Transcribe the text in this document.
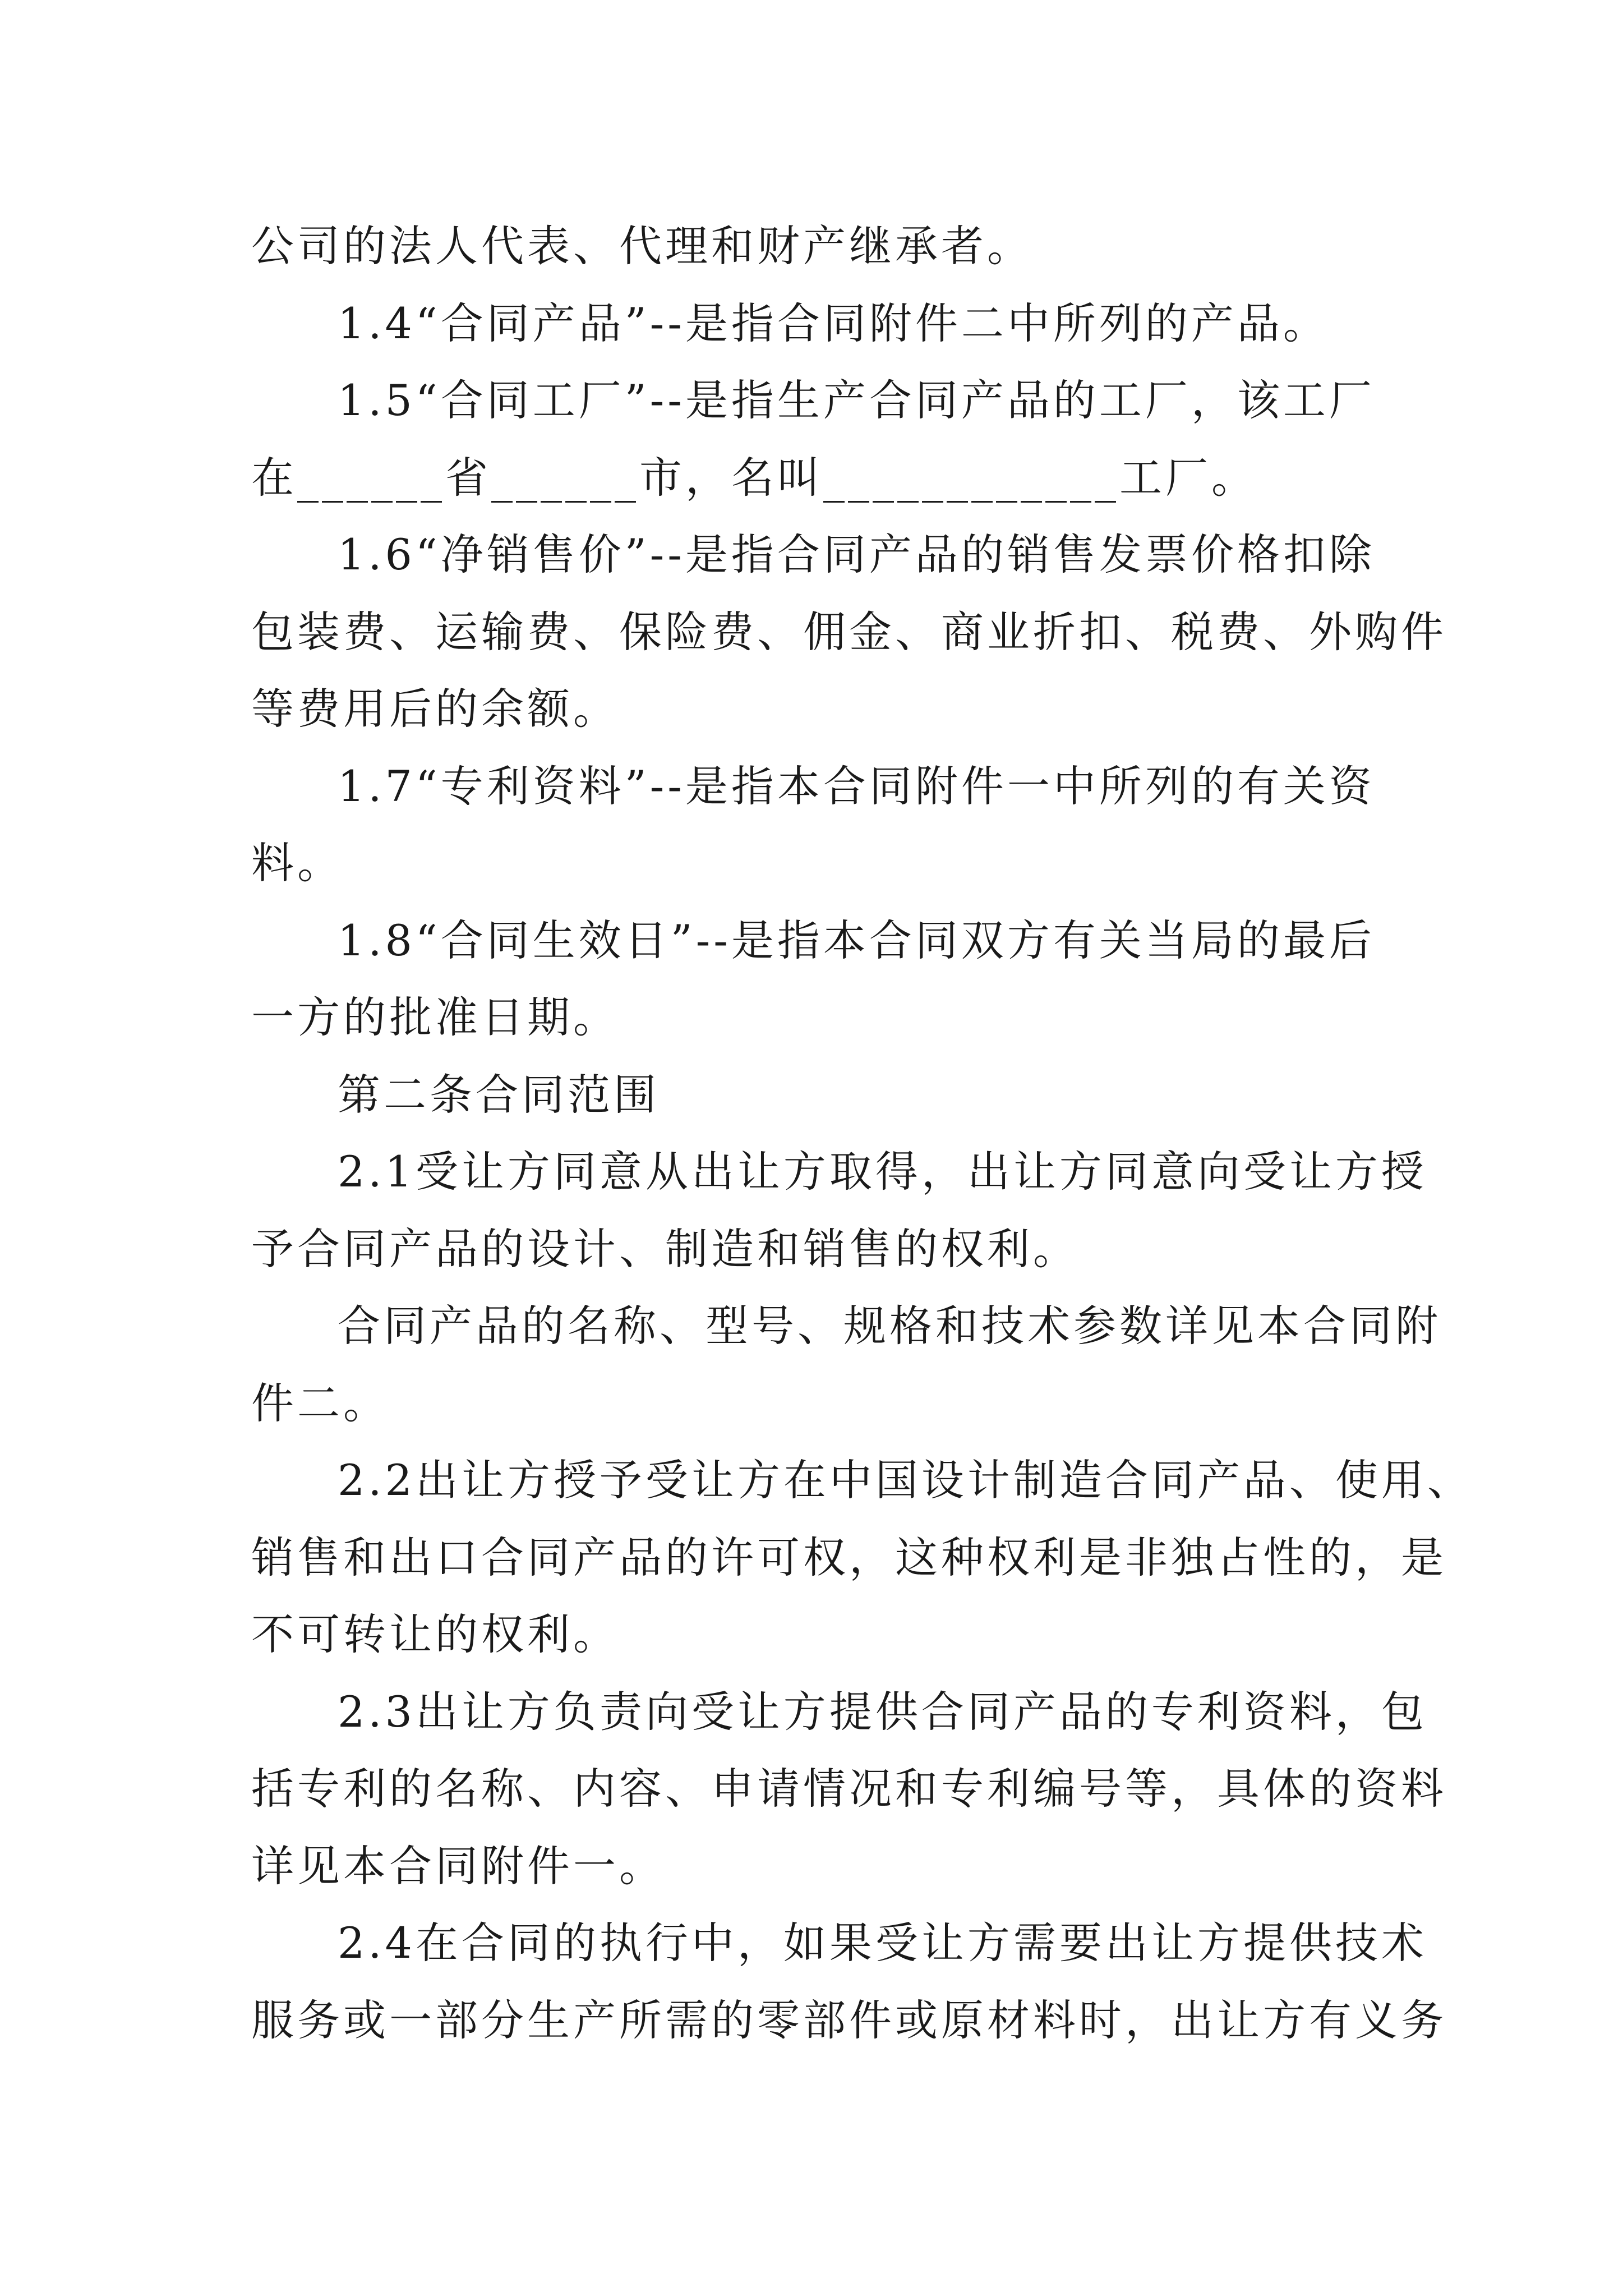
公司的法人代表、代理和财产继承者。
1.4“合同产品”--是指合同附件二中所列的产品。
1.5“合同工厂”--是指生产合同产品的工厂，该工厂
在______省______市，名叫____________工厂。
1.6“净销售价”--是指合同产品的销售发票价格扣除
包装费、运输费、保险费、佣金、商业折扣、税费、外购件
等费用后的余额。
1.7“专利资料”--是指本合同附件一中所列的有关资
料。
1.8“合同生效日”--是指本合同双方有关当局的最后
一方的批准日期。
第二条合同范围
2.1受让方同意从出让方取得，出让方同意向受让方授
予合同产品的设计、制造和销售的权利。
合同产品的名称、型号、规格和技术参数详见本合同附
件二。
2.2出让方授予受让方在中国设计制造合同产品、使用、
销售和出口合同产品的许可权，这种权利是非独占性的，是
不可转让的权利。
2.3出让方负责向受让方提供合同产品的专利资料，包
括专利的名称、内容、申请情况和专利编号等，具体的资料
详见本合同附件一。
2.4在合同的执行中，如果受让方需要出让方提供技术
服务或一部分生产所需的零部件或原材料时，出让方有义务
